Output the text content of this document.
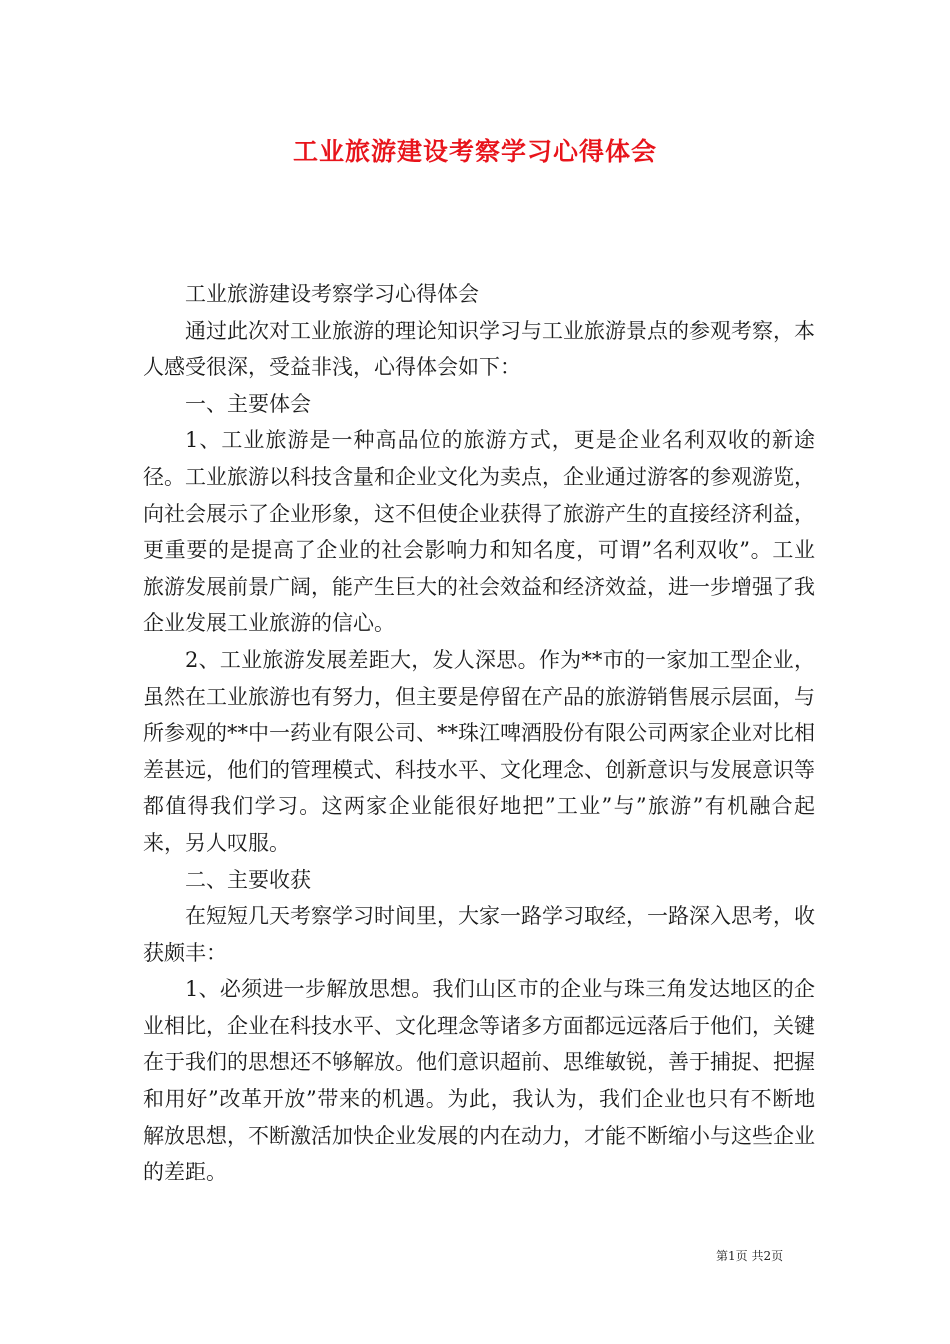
工业旅游建设考察学习心得体会

工业旅游建设考察学习心得体会

通过此次对工业旅游的理论知识学习与工业旅游景点的参观考察，本人感受很深，受益非浅，心得体会如下：

一、主要体会

1、工业旅游是一种高品位的旅游方式，更是企业名利双收的新途径。工业旅游以科技含量和企业文化为卖点，企业通过游客的参观游览，向社会展示了企业形象，这不但使企业获得了旅游产生的直接经济利益，更重要的是提高了企业的社会影响力和知名度，可谓”名利双收”。工业旅游发展前景广阔，能产生巨大的社会效益和经济效益，进一步增强了我企业发展工业旅游的信心。

2、工业旅游发展差距大，发人深思。作为**市的一家加工型企业，虽然在工业旅游也有努力，但主要是停留在产品的旅游销售展示层面，与所参观的**中一药业有限公司、**珠江啤酒股份有限公司两家企业对比相差甚远，他们的管理模式、科技水平、文化理念、创新意识与发展意识等都值得我们学习。这两家企业能很好地把”工业”与”旅游”有机融合起来，另人叹服。

二、主要收获

在短短几天考察学习时间里，大家一路学习取经，一路深入思考，收获颇丰：

1、必须进一步解放思想。我们山区市的企业与珠三角发达地区的企业相比，企业在科技水平、文化理念等诸多方面都远远落后于他们，关键在于我们的思想还不够解放。他们意识超前、思维敏锐，善于捕捉、把握和用好”改革开放”带来的机遇。为此，我认为，我们企业也只有不断地解放思想，不断激活加快企业发展的内在动力，才能不断缩小与这些企业的差距。

第1页 共2页
